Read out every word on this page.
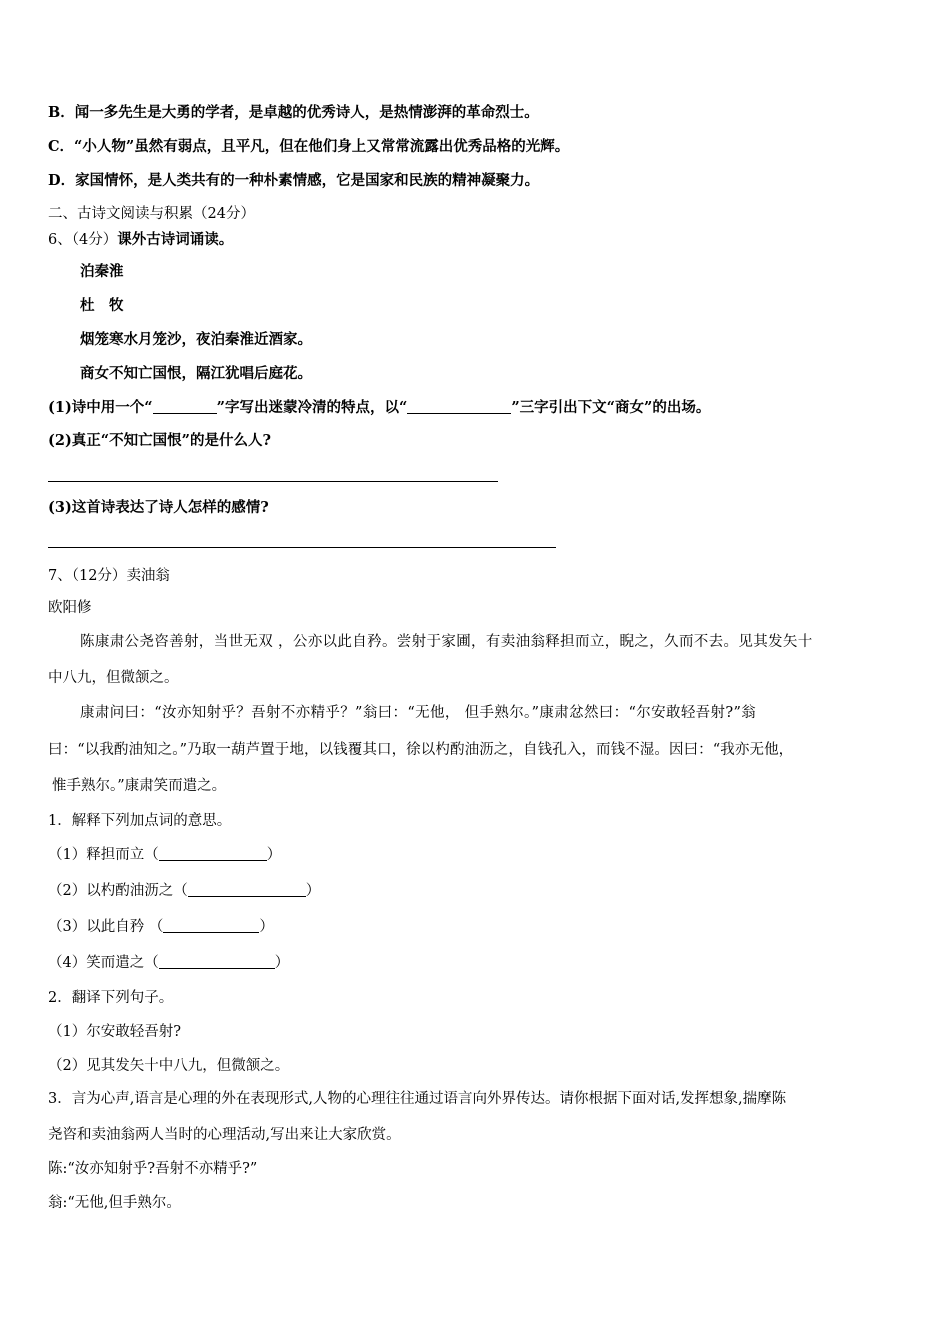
B．闻一多先生是大勇的学者，是卓越的优秀诗人，是热情澎湃的革命烈士。
C．“小人物”虽然有弱点，且平凡，但在他们身上又常常流露出优秀品格的光辉。
D．家国情怀，是人类共有的一种朴素情感，它是国家和民族的精神凝聚力。
二、古诗文阅读与积累（24分）
6、（4分）课外古诗词诵读。
泊秦淮
杜　牧
烟笼寒水月笼沙，夜泊秦淮近酒家。
商女不知亡国恨，隔江犹唱后庭花。
(1)诗中用一个“	”字写出迷蒙冷清的特点，以“	”三字引出下文“商女”的出场。
(2)真正“不知亡国恨”的是什么人?
(3)这首诗表达了诗人怎样的感情?
7、（12分）卖油翁
欧阳修
陈康肃公尧咨善射，当世无双 ，公亦以此自矜。尝射于家圃，有卖油翁释担而立，睨之，久而不去。见其发矢十
中八九，但微颔之。
康肃问曰：“汝亦知射乎？吾射不亦精乎？”翁曰：“无他， 但手熟尔。”康肃忿然曰：“尔安敢轻吾射?”翁
曰：“以我酌油知之。”乃取一葫芦置于地，以钱覆其口，徐以杓酌油沥之，自钱孔入，而钱不湿。因曰：“我亦无他，
惟手熟尔。”康肃笑而遣之。
1．解释下列加点词的意思。
（1）释担而立（	）
（2）以杓酌油沥之（	）
（3）以此自矜 （	）
（4）笑而遣之（	）
2．翻译下列句子。
（1）尔安敢轻吾射?
（2）见其发矢十中八九，但微颔之。
3．言为心声,语言是心理的外在表现形式,人物的心理往往通过语言向外界传达。请你根据下面对话,发挥想象,揣摩陈
尧咨和卖油翁两人当时的心理活动,写出来让大家欣赏。
陈:“汝亦知射乎?吾射不亦精乎?”
翁:“无他,但手熟尔。
